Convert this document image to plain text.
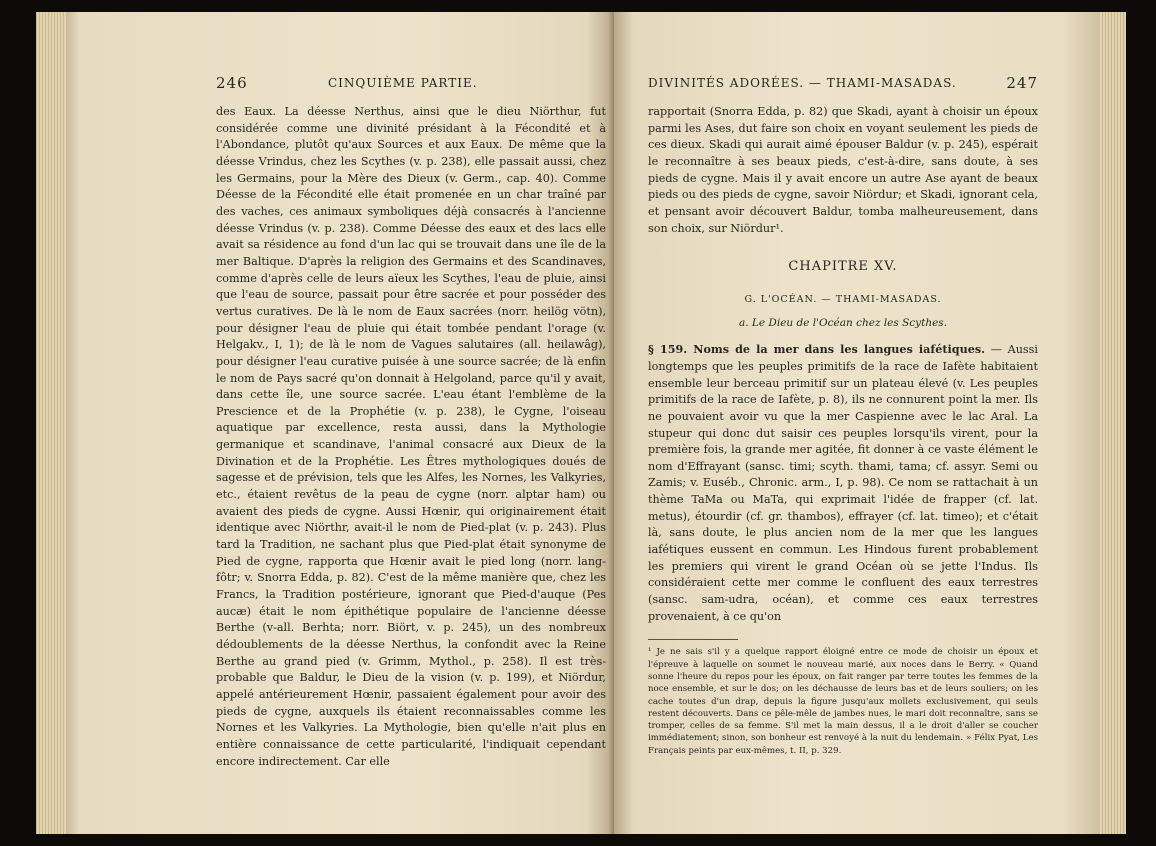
246	CINQUIÈME PARTIE.

des Eaux. La déesse Nerthus, ainsi que le dieu Niörthur, fut considérée comme une divinité présidant à la Fécondité et à l'Abondance, plutôt qu'aux Sources et aux Eaux. De même que la déesse Vrindus, chez les Scythes (v. p. 238), elle passait aussi, chez les Germains, pour la Mère des Dieux (v. Germ., cap. 40). Comme Déesse de la Fécondité elle était promenée en un char traîné par des vaches, ces animaux symboliques déjà consacrés à l'ancienne déesse Vrindus (v. p. 238). Comme Déesse des eaux et des lacs elle avait sa résidence au fond d'un lac qui se trouvait dans une île de la mer Baltique. D'après la religion des Germains et des Scandinaves, comme d'après celle de leurs aïeux les Scythes, l'eau de pluie, ainsi que l'eau de source, passait pour être sacrée et pour posséder des vertus curatives. De là le nom de Eaux sacrées (norr. heilög vötn), pour désigner l'eau de pluie qui était tombée pendant l'orage (v. Helgakv., I, 1); de là le nom de Vagues salutaires (all. heilawâg), pour désigner l'eau curative puisée à une source sacrée; de là enfin le nom de Pays sacré qu'on donnait à Helgoland, parce qu'il y avait, dans cette île, une source sacrée. L'eau étant l'emblème de la Prescience et de la Prophétie (v. p. 238), le Cygne, l'oiseau aquatique par excellence, resta aussi, dans la Mythologie germanique et scandinave, l'animal consacré aux Dieux de la Divination et de la Prophétie. Les Êtres mythologiques doués de sagesse et de prévision, tels que les Alfes, les Nornes, les Valkyries, etc., étaient revêtus de la peau de cygne (norr. alptar ham) ou avaient des pieds de cygne. Aussi Hœnir, qui originairement était identique avec Niörthr, avait-il le nom de Pied-plat (v. p. 243). Plus tard la Tradition, ne sachant plus que Pied-plat était synonyme de Pied de cygne, rapporta que Hœnir avait le pied long (norr. lang-fôtr; v. Snorra Edda, p. 82). C'est de la même manière que, chez les Francs, la Tradition postérieure, ignorant que Pied-d'auque (Pes aucæ) était le nom épithétique populaire de l'ancienne déesse Berthe (v-all. Berhta; norr. Biört, v. p. 245), un des nombreux dédoublements de la déesse Nerthus, la confondit avec la Reine Berthe au grand pied (v. Grimm, Mythol., p. 258). Il est très-probable que Baldur, le Dieu de la vision (v. p. 199), et Niördur, appelé antérieurement Hœnir, passaient également pour avoir des pieds de cygne, auxquels ils étaient reconnaissables comme les Nornes et les Valkyries. La Mythologie, bien qu'elle n'ait plus en entière connaissance de cette particularité, l'indiquait cependant encore indirectement. Car elle

DIVINITÉS ADORÉES. — THAMI-MASADAS.	247

rapportait (Snorra Edda, p. 82) que Skadi, ayant à choisir un époux parmi les Ases, dut faire son choix en voyant seulement les pieds de ces dieux. Skadi qui aurait aimé épouser Baldur (v. p. 245), espérait le reconnaître à ses beaux pieds, c'est-à-dire, sans doute, à ses pieds de cygne. Mais il y avait encore un autre Ase ayant de beaux pieds ou des pieds de cygne, savoir Niördur; et Skadi, ignorant cela, et pensant avoir découvert Baldur, tomba malheureusement, dans son choix, sur Niördur¹.

CHAPITRE XV.
G. L'OCÉAN. — THAMI-MASADAS.
a. Le Dieu de l'Océan chez les Scythes.

§ 159. Noms de la mer dans les langues iafétiques. — Aussi longtemps que les peuples primitifs de la race de Iafète habitaient ensemble leur berceau primitif sur un plateau élevé (v. Les peuples primitifs de la race de Iafète, p. 8), ils ne connurent point la mer. Ils ne pouvaient avoir vu que la mer Caspienne avec le lac Aral. La stupeur qui donc dut saisir ces peuples lorsqu'ils virent, pour la première fois, la grande mer agitée, fit donner à ce vaste élément le nom d'Effrayant (sansc. timi; scyth. thami, tama; cf. assyr. Semi ou Zamis; v. Euséb., Chronic. arm., I, p. 98). Ce nom se rattachait à un thème TaMa ou MaTa, qui exprimait l'idée de frapper (cf. lat. metus), étourdir (cf. gr. thambos), effrayer (cf. lat. timeo); et c'était là, sans doute, le plus ancien nom de la mer que les langues iafétiques eussent en commun. Les Hindous furent probablement les premiers qui virent le grand Océan où se jette l'Indus. Ils considéraient cette mer comme le confluent des eaux terrestres (sansc. sam-udra, océan), et comme ces eaux terrestres provenaient, à ce qu'on

¹ Je ne sais s'il y a quelque rapport éloigné entre ce mode de choisir un époux et l'épreuve à laquelle on soumet le nouveau marié, aux noces dans le Berry. « Quand sonne l'heure du repos pour les époux, on fait ranger par terre toutes les femmes de la noce ensemble, et sur le dos; on les déchausse de leurs bas et de leurs souliers; on les cache toutes d'un drap, depuis la figure jusqu'aux mollets exclusivement, qui seuls restent découverts. Dans ce pêle-mêle de jambes nues, le mari doit reconnaître, sans se tromper, celles de sa femme. S'il met la main dessus, il a le droit d'aller se coucher immédiatement; sinon, son bonheur est renvoyé à la nuit du lendemain. » Félix Pyat, Les Français peints par eux-mêmes, t. II, p. 329.
